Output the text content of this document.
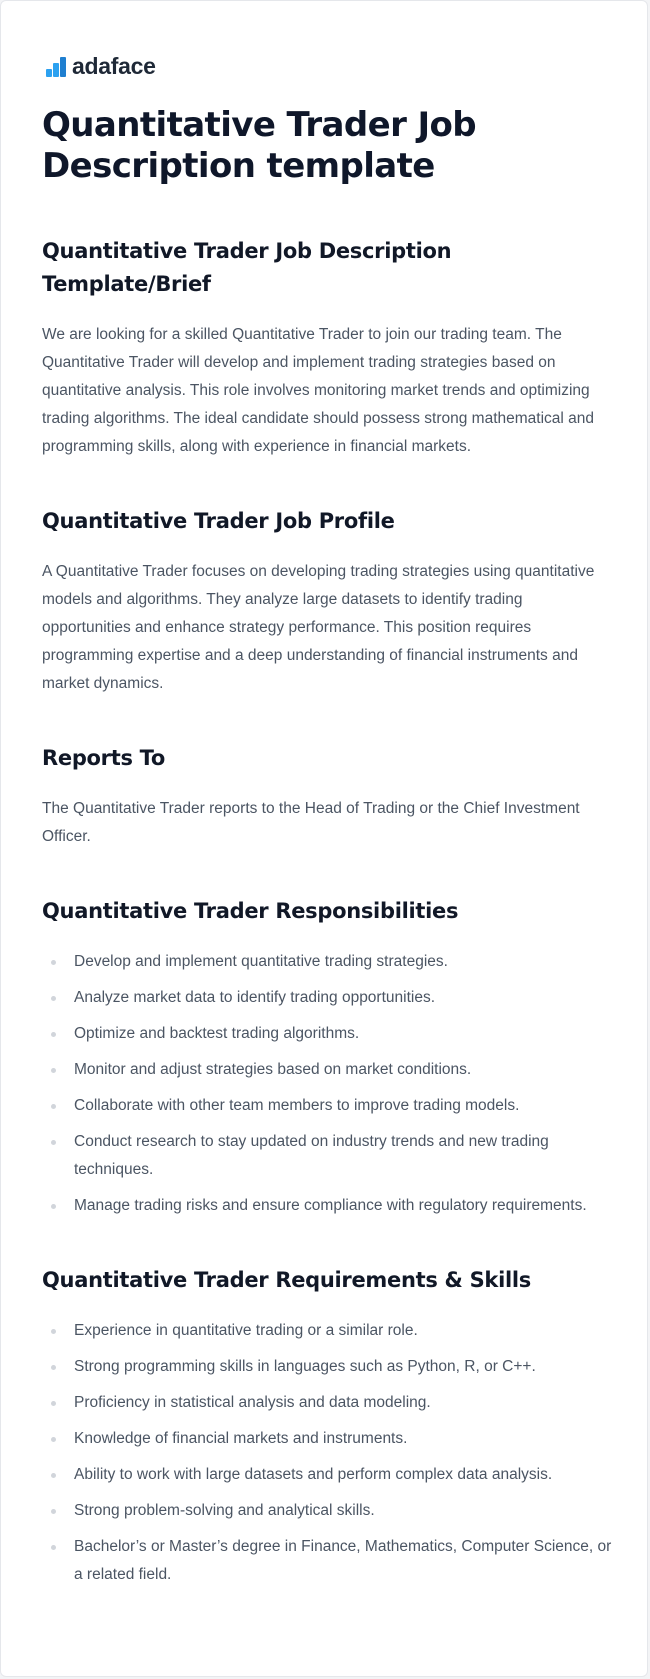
adaface
Quantitative Trader Job Description template
Quantitative Trader Job Description Template/Brief

We are looking for a skilled Quantitative Trader to join our trading team. The Quantitative Trader will develop and implement trading strategies based on quantitative analysis. This role involves monitoring market trends and optimizing trading algorithms. The ideal candidate should possess strong mathematical and programming skills, along with experience in financial markets.

Quantitative Trader Job Profile

A Quantitative Trader focuses on developing trading strategies using quantitative models and algorithms. They analyze large datasets to identify trading opportunities and enhance strategy performance. This position requires programming expertise and a deep understanding of financial instruments and market dynamics.

Reports To

The Quantitative Trader reports to the Head of Trading or the Chief Investment Officer.

Quantitative Trader Responsibilities
Develop and implement quantitative trading strategies.
Analyze market data to identify trading opportunities.
Optimize and backtest trading algorithms.
Monitor and adjust strategies based on market conditions.
Collaborate with other team members to improve trading models.
Conduct research to stay updated on industry trends and new trading techniques.
Manage trading risks and ensure compliance with regulatory requirements.
Quantitative Trader Requirements & Skills
Experience in quantitative trading or a similar role.
Strong programming skills in languages such as Python, R, or C++.
Proficiency in statistical analysis and data modeling.
Knowledge of financial markets and instruments.
Ability to work with large datasets and perform complex data analysis.
Strong problem-solving and analytical skills.
Bachelor’s or Master’s degree in Finance, Mathematics, Computer Science, or a related field.
